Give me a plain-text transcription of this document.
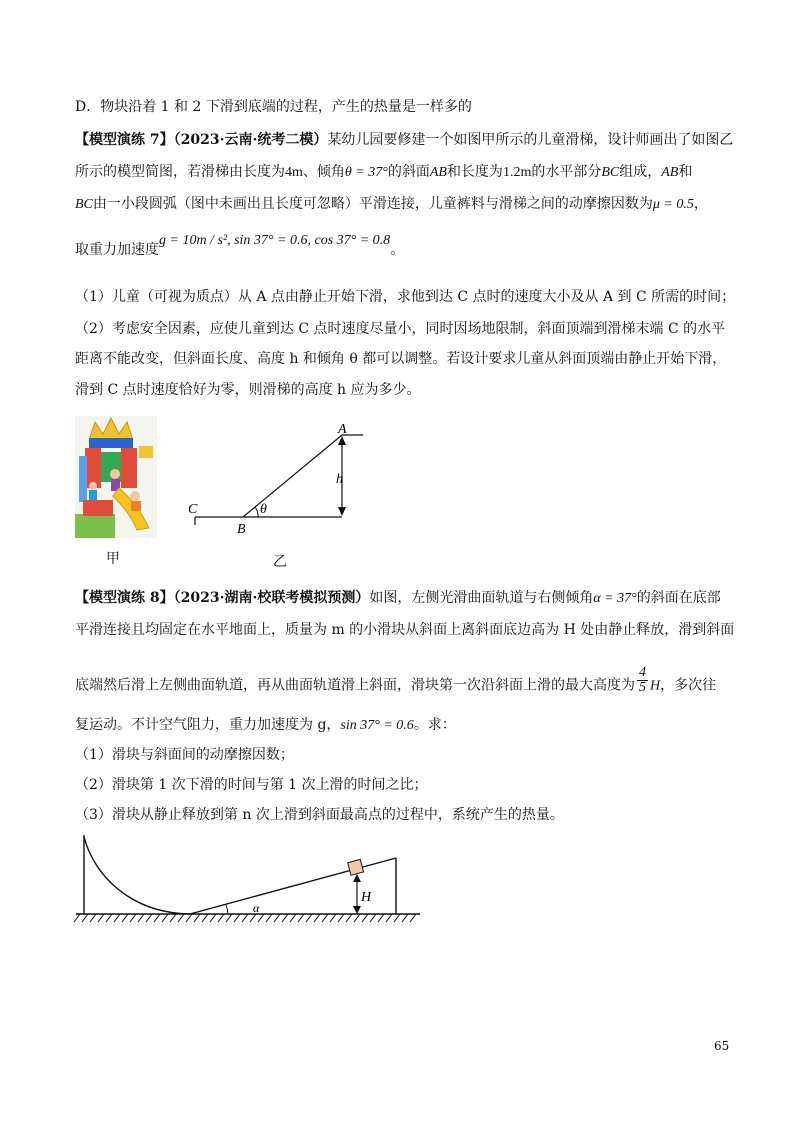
D．物块沿着 1 和 2 下滑到底端的过程，产生的热量是一样多的
【模型演练 7】（2023·云南·统考二模）某幼儿园要修建一个如图甲所示的儿童滑梯，设计师画出了如图乙
所示的模型简图，若滑梯由长度为4m、倾角θ = 37°的斜面AB和长度为1.2m的水平部分BC组成，AB和
BC由一小段圆弧（图中未画出且长度可忽略）平滑连接，儿童裤料与滑梯之间的动摩擦因数为μ = 0.5，
取重力加速度g = 10m / s², sin 37° = 0.6, cos 37° = 0.8。
（1）儿童（可视为质点）从 A 点由静止开始下滑，求他到达 C 点时的速度大小及从 A 到 C 所需的时间；
（2）考虑安全因素，应使儿童到达 C 点时速度尽量小，同时因场地限制，斜面顶端到滑梯末端 C 的水平
距离不能改变，但斜面长度、高度 h 和倾角 θ 都可以调整。若设计要求儿童从斜面顶端由静止开始下滑，
滑到 C 点时速度恰好为零，则滑梯的高度 h 应为多少。
甲
A
B
C
h
θ
乙
【模型演练 8】（2023·湖南·校联考模拟预测）如图，左侧光滑曲面轨道与右侧倾角α = 37°的斜面在底部
平滑连接且均固定在水平地面上，质量为 m 的小滑块从斜面上离斜面底边高为 H 处由静止释放，滑到斜面
底端然后滑上左侧曲面轨道，再从曲面轨道滑上斜面，滑块第一次沿斜面上滑的最大高度为 $\frac{4}{5}$ H，多次往
复运动。不计空气阻力，重力加速度为 g，sin 37° = 0.6。求：
（1）滑块与斜面间的动摩擦因数；
（2）滑块第 1 次下滑的时间与第 1 次上滑的时间之比；
（3）滑块从静止释放到第 n 次上滑到斜面最高点的过程中，系统产生的热量。
H
α
65
